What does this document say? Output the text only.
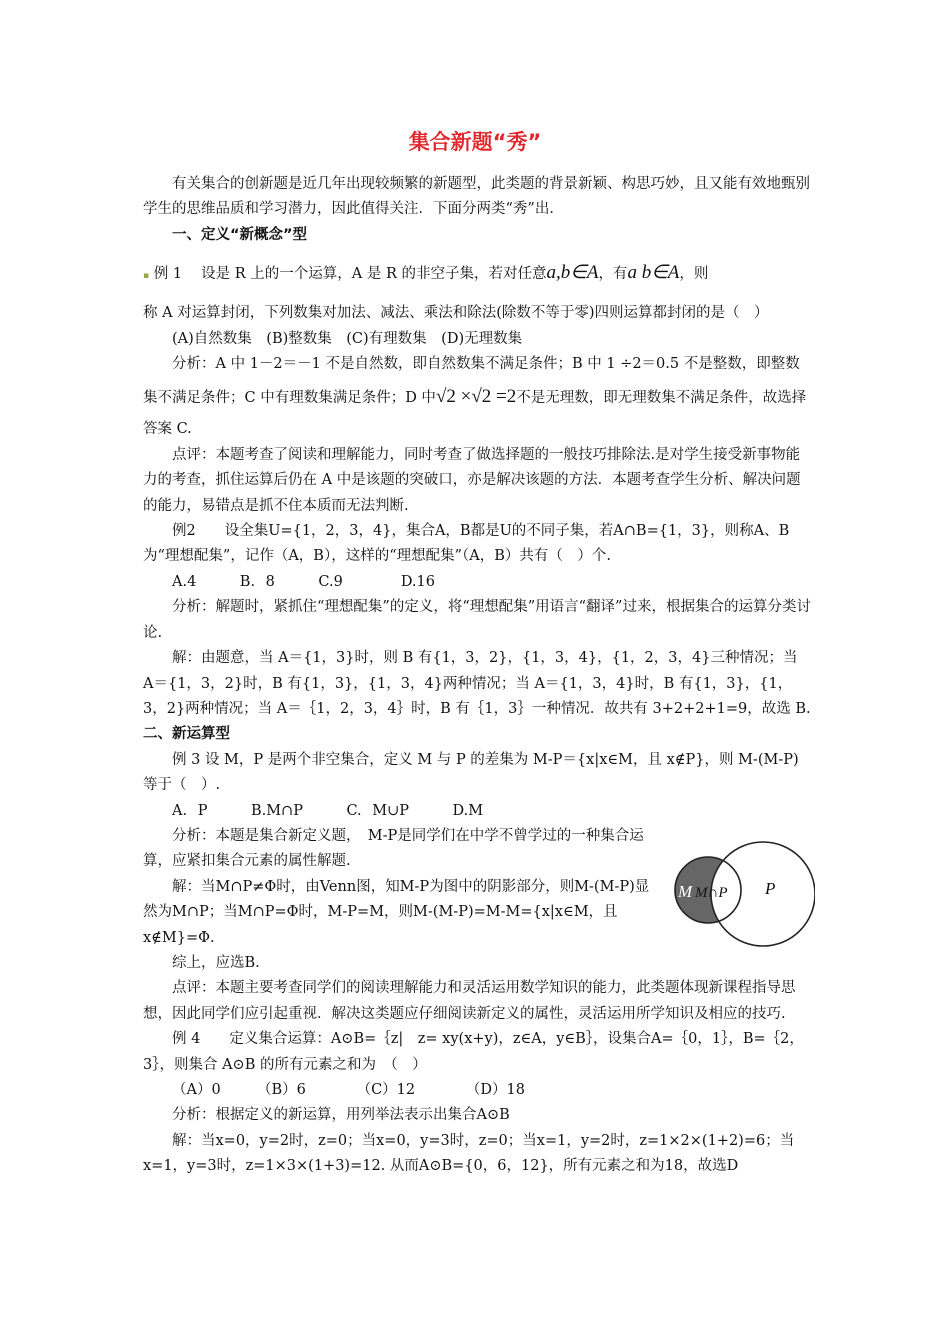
集合新题“秀”

有关集合的创新题是近几年出现较频繁的新题型，此类题的背景新颖、构思巧妙，且又能有效地甄别学生的思维品质和学习潜力，因此值得关注．下面分两类“秀”出．

一、定义“新概念”型

▪ 例 1　 设是 R 上的一个运算，A 是 R 的非空子集，若对任意a,b∈A，有a b∈A，则

称 A 对运算封闭，下列数集对加法、减法、乘法和除法(除数不等于零)四则运算都封闭的是（　）

(A)自然数集　(B)整数集　(C)有理数集　(D)无理数集

分析：A 中 1－2＝－1 不是自然数，即自然数集不满足条件；B 中 1 ÷2＝0.5 不是整数，即整数集不满足条件；C 中有理数集满足条件；D 中√2 ×√2 =2不是无理数，即无理数集不满足条件，故选择答案 C.

点评：本题考查了阅读和理解能力，同时考查了做选择题的一般技巧排除法.是对学生接受新事物能力的考查，抓住运算后仍在 A 中是该题的突破口，亦是解决该题的方法．本题考查学生分析、解决问题的能力，易错点是抓不住本质而无法判断.

例2　　设全集U={1，2，3，4}，集合A，B都是U的不同子集，若A∩B={1，3}，则称A、B为“理想配集”，记作（A，B），这样的“理想配集”（A，B）共有（　）个.

A.4　　　B. 8　　　C.9　　　　D.16

分析：解题时，紧抓住“理想配集”的定义，将“理想配集”用语言“翻译”过来，根据集合的运算分类讨论.

解：由题意，当 A＝{1，3}时，则 B 有{1，3，2}，{1，3，4}，{1，2，3，4}三种情况；当 A＝{1，3，2}时，B 有{1，3}，{1，3，4}两种情况；当 A＝{1，3，4}时，B 有{1，3}，{1，3，2}两种情况；当 A＝｛1，2，3，4｝时，B 有｛1，3｝一种情况．故共有 3+2+2+1=9，故选 B.

二、新运算型

例 3 设 M，P 是两个非空集合，定义 M 与 P 的差集为 M-P＝{x|x∈M，且 x∉P}，则 M-(M-P)等于（　）.

A. P　　　B.M∩P　　　C. M∪P　　　D.M

分析：本题是集合新定义题，　M-P是同学们在中学不曾学过的一种集合运算，应紧扣集合元素的属性解题.

解：当M∩P≠Φ时，由Venn图，知M-P为图中的阴影部分，则M-(M-P)显然为M∩P；当M∩P=Φ时，M-P=M，则M-(M-P)=M-M={x|x∈M，且x∉M}=Φ.

综上，应选B.

点评：本题主要考查同学们的阅读理解能力和灵活运用数学知识的能力，此类题体现新课程指导思想，因此同学们应引起重视．解决这类题应仔细阅读新定义的属性，灵活运用所学知识及相应的技巧.

例 4　　定义集合运算：A⊙B=｛z|　z= xy(x+y)，z∈A，y∈B｝，设集合A=｛0，1｝，B=｛2，3｝，则集合 A⊙B 的所有元素之和为　（　）

（A）0　　　（B）6　　　　（C）12　　　　（D）18

分析：根据定义的新运算，用列举法表示出集合A⊙B

解：当x=0，y=2时，z=0；当x=0，y=3时，z=0；当x=1，y=2时，z=1×2×(1+2)=6；当x=1，y=3时，z=1×3×(1+3)=12. 从而A⊙B={0，6，12}，所有元素之和为18，故选D

M M∩P P
